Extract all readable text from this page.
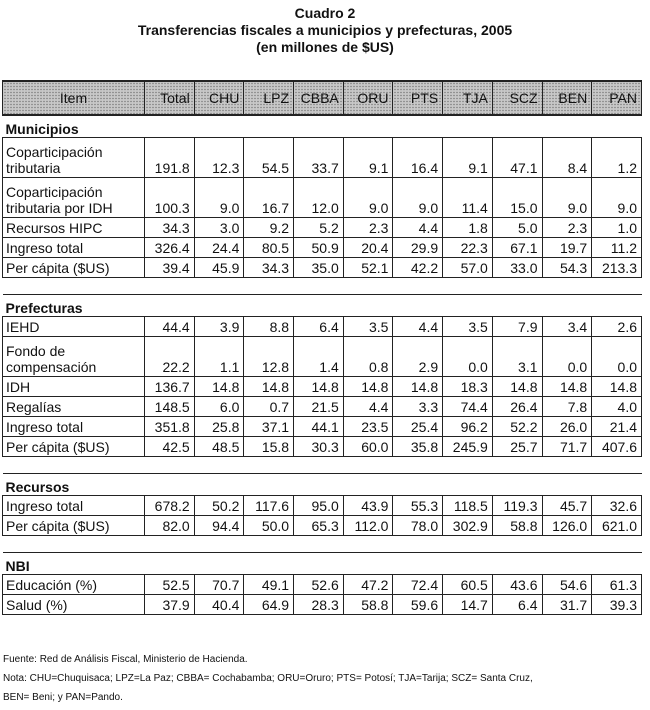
Cuadro 2
Transferencias fiscales a municipios y prefecturas, 2005
(en millones de $US)
Item	Total	CHU	LPZ	CBBA	ORU	PTS	TJA	SCZ	BEN	PAN
Municipios										
Coparticipación tributaria	191.8	12.3	54.5	33.7	9.1	16.4	9.1	47.1	8.4	1.2
Coparticipación tributaria por IDH	100.3	9.0	16.7	12.0	9.0	9.0	11.4	15.0	9.0	9.0
Recursos HIPC	34.3	3.0	9.2	5.2	2.3	4.4	1.8	5.0	2.3	1.0
Ingreso total	326.4	24.4	80.5	50.9	20.4	29.9	22.3	67.1	19.7	11.2
Per cápita ($US)	39.4	45.9	34.3	35.0	52.1	42.2	57.0	33.0	54.3	213.3

Prefecturas										
IEHD	44.4	3.9	8.8	6.4	3.5	4.4	3.5	7.9	3.4	2.6
Fondo de compensación	22.2	1.1	12.8	1.4	0.8	2.9	0.0	3.1	0.0	0.0
IDH	136.7	14.8	14.8	14.8	14.8	14.8	18.3	14.8	14.8	14.8
Regalías	148.5	6.0	0.7	21.5	4.4	3.3	74.4	26.4	7.8	4.0
Ingreso total	351.8	25.8	37.1	44.1	23.5	25.4	96.2	52.2	26.0	21.4
Per cápita ($US)	42.5	48.5	15.8	30.3	60.0	35.8	245.9	25.7	71.7	407.6

Recursos										
Ingreso total	678.2	50.2	117.6	95.0	43.9	55.3	118.5	119.3	45.7	32.6
Per cápita ($US)	82.0	94.4	50.0	65.3	112.0	78.0	302.9	58.8	126.0	621.0

NBI										
Educación (%)	52.5	70.7	49.1	52.6	47.2	72.4	60.5	43.6	54.6	61.3
Salud (%)	37.9	40.4	64.9	28.3	58.8	59.6	14.7	6.4	31.7	39.3
Fuente: Red de Análisis Fiscal, Ministerio de Hacienda.
Nota: CHU=Chuquisaca; LPZ=La Paz; CBBA= Cochabamba; ORU=Oruro; PTS= Potosí; TJA=Tarija; SCZ= Santa Cruz,
BEN= Beni; y PAN=Pando.
